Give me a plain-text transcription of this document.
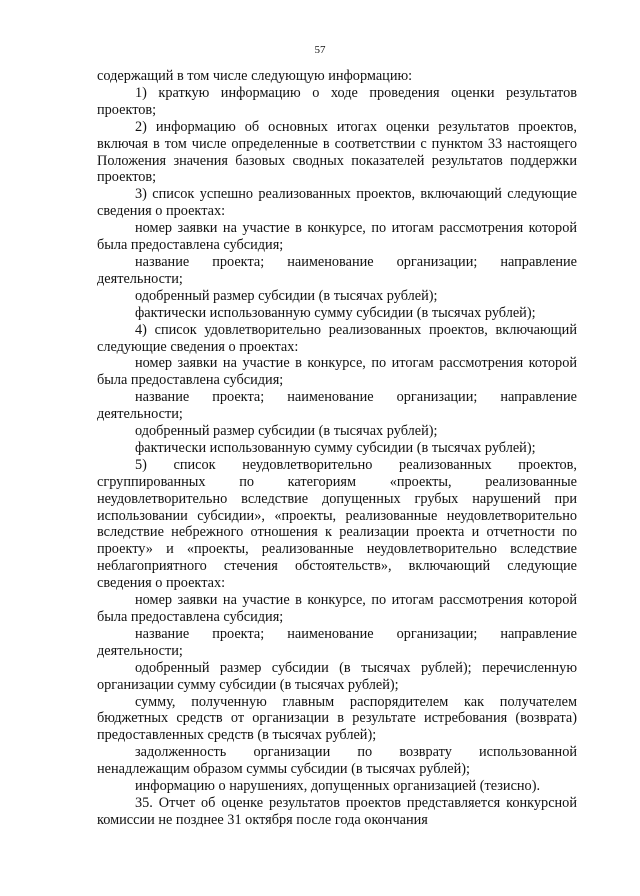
57

содержащий в том числе следующую информацию:

1) краткую информацию о ходе проведения оценки результатов проектов;

2) информацию об основных итогах оценки результатов проектов, включая в том числе определенные в соответствии с пунктом 33 настоящего Положения значения базовых сводных показателей результатов поддержки проектов;

3) список успешно реализованных проектов, включающий следующие сведения о проектах:

номер заявки на участие в конкурсе, по итогам рассмотрения которой была предоставлена субсидия;

название проекта; наименование организации; направление деятельности;

одобренный размер субсидии (в тысячах рублей);

фактически использованную сумму субсидии (в тысячах рублей);

4) список удовлетворительно реализованных проектов, включающий следующие сведения о проектах:

номер заявки на участие в конкурсе, по итогам рассмотрения которой была предоставлена субсидия;

название проекта; наименование организации; направление деятельности;

одобренный размер субсидии (в тысячах рублей);

фактически использованную сумму субсидии (в тысячах рублей);

5) список неудовлетворительно реализованных проектов, сгруппированных по категориям «проекты, реализованные неудовлетворительно вследствие допущенных грубых нарушений при использовании субсидии», «проекты, реализованные неудовлетворительно вследствие небрежного отношения к реализации проекта и отчетности по проекту» и «проекты, реализованные неудовлетворительно вследствие неблагоприятного стечения обстоятельств», включающий следующие сведения о проектах:

номер заявки на участие в конкурсе, по итогам рассмотрения которой была предоставлена субсидия;

название проекта; наименование организации; направление деятельности;

одобренный размер субсидии (в тысячах рублей); перечисленную организации сумму субсидии (в тысячах рублей);

сумму, полученную главным распорядителем как получателем бюджетных средств от организации в результате истребования (возврата) предоставленных средств (в тысячах рублей);

задолженность организации по возврату использованной ненадлежащим образом суммы субсидии (в тысячах рублей);

информацию о нарушениях, допущенных организацией (тезисно).

35. Отчет об оценке результатов проектов представляется конкурсной комиссии не позднее 31 октября после года окончания
